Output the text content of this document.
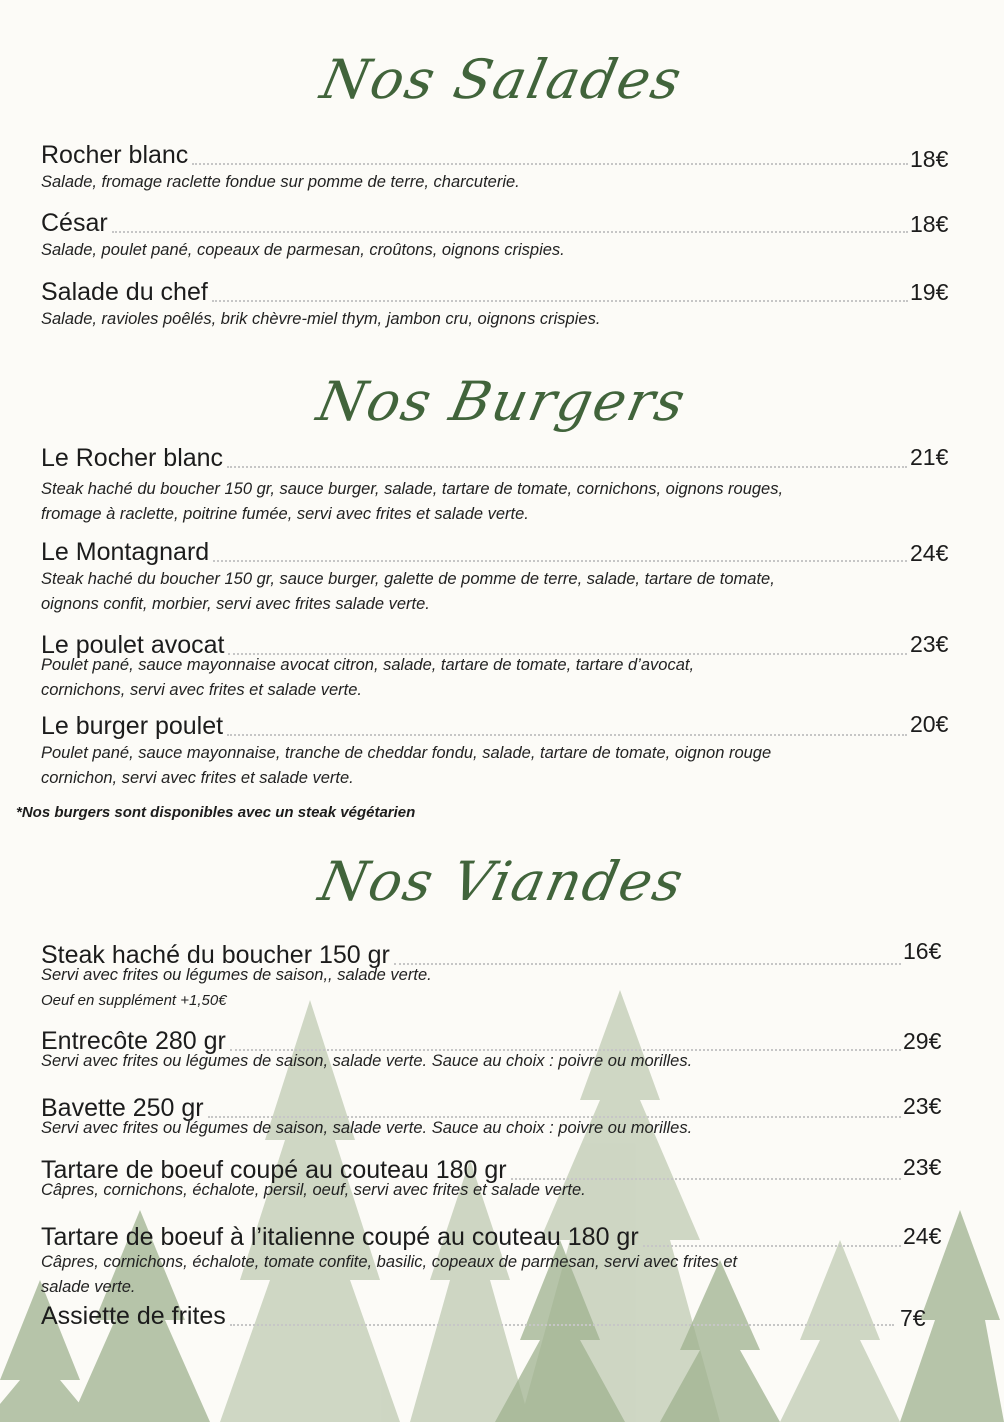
Nos Salades
Rocher blanc
Salade, fromage raclette fondue sur pomme de terre, charcuterie.
18€
César
Salade, poulet pané, copeaux de parmesan, croûtons, oignons crispies.
18€
Salade du chef
Salade, ravioles poêlés, brik chèvre-miel thym, jambon cru, oignons crispies.
19€
Nos Burgers
Le Rocher blanc
Steak haché du boucher 150 gr, sauce burger, salade, tartare de tomate, cornichons, oignons rouges,
fromage à raclette, poitrine fumée, servi avec frites et salade verte.
21€
Le Montagnard
Steak haché du boucher 150 gr, sauce burger, galette de pomme de terre, salade, tartare de tomate,
oignons confit, morbier, servi avec frites salade verte.
24€
Le poulet avocat
Poulet pané, sauce mayonnaise avocat citron, salade, tartare de tomate, tartare d’avocat,
cornichons, servi avec frites et salade verte.
23€
Le burger poulet
Poulet pané, sauce mayonnaise, tranche de cheddar fondu, salade, tartare de tomate, oignon rouge
cornichon, servi avec frites et salade verte.
20€
*Nos burgers sont disponibles avec un steak végétarien
Nos Viandes
Steak haché du boucher 150 gr
Servi avec frites ou légumes de saison,, salade verte.
Oeuf en supplément +1,50€
16€
Entrecôte 280 gr
Servi avec frites ou légumes de saison, salade verte. Sauce au choix : poivre ou morilles.
29€
Bavette 250 gr
Servi avec frites ou légumes de saison, salade verte. Sauce au choix : poivre ou morilles.
23€
Tartare de boeuf coupé au couteau 180 gr
Câpres, cornichons, échalote, persil, oeuf, servi avec frites et salade verte.
23€
Tartare de boeuf à l’italienne coupé au couteau 180 gr
Câpres, cornichons, échalote, tomate confite, basilic, copeaux de parmesan, servi avec frites et
salade verte.
24€
Assiette de frites	7€
